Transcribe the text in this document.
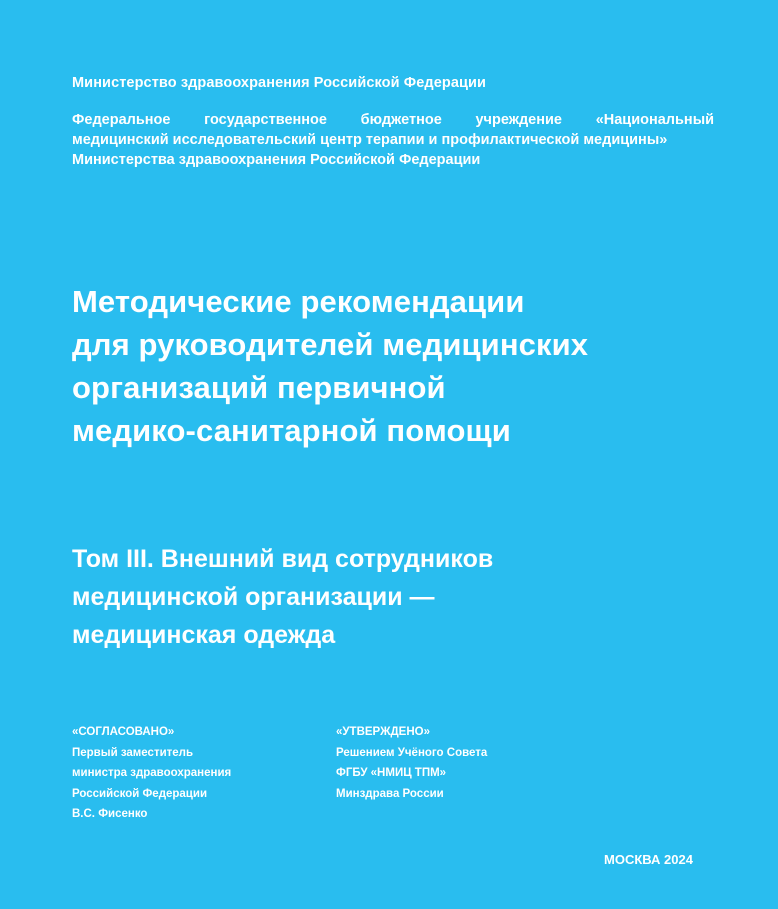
Министерство здравоохранения Российской Федерации
Федеральное государственное бюджетное учреждение «Национальный
медицинский исследовательский центр терапии и профилактической медицины»
Министерства здравоохранения Российской Федерации
Методические рекомендации
для руководителей медицинских
организаций первичной
медико-санитарной помощи
Том III. Внешний вид сотрудников
медицинской организации —
медицинская одежда
«СОГЛАСОВАНО»
Первый заместитель
министра здравоохранения
Российской Федерации
В.С. Фисенко
«УТВЕРЖДЕНО»
Решением Учёного Совета
ФГБУ «НМИЦ ТПМ»
Минздрава России
МОСКВА 2024
